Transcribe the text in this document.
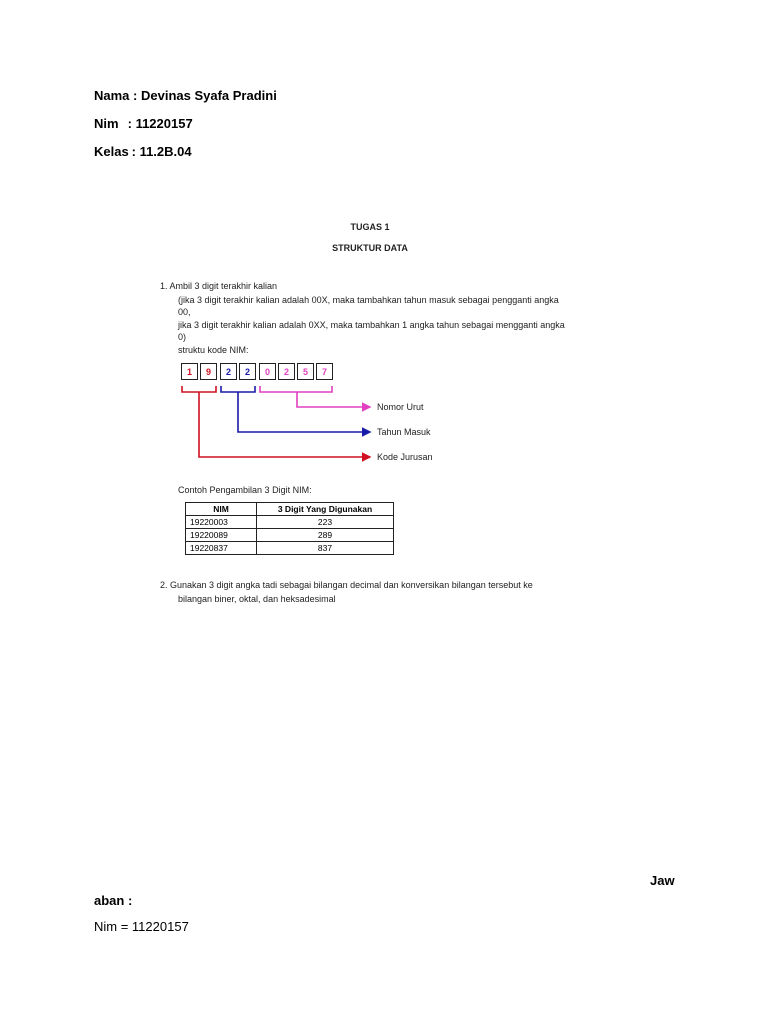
Nama : Devinas Syafa Pradini
Nim : 11220157
Kelas : 11.2B.04
TUGAS 1
STRUKTUR DATA
1. Ambil 3 digit terakhir kalian
(jika 3 digit terakhir kalian adalah 00X, maka tambahkan tahun masuk sebagai pengganti angka
00,
jika 3 digit terakhir kalian adalah 0XX, maka tambahkan 1 angka tahun sebagai mengganti angka
0)
struktu kode NIM:
1	9	2	2	0	2	5	7
Nomor Urut
Tahun Masuk
Kode Jurusan
Contoh Pengambilan 3 Digit NIM:
NIM	3 Digit Yang Digunakan
19220003	223
19220089	289
19220837	837
2. Gunakan 3 digit angka tadi sebagai bilangan decimal dan konversikan bilangan tersebut ke
bilangan biner, oktal, dan heksadesimal
Jaw
aban :
Nim = 11220157
